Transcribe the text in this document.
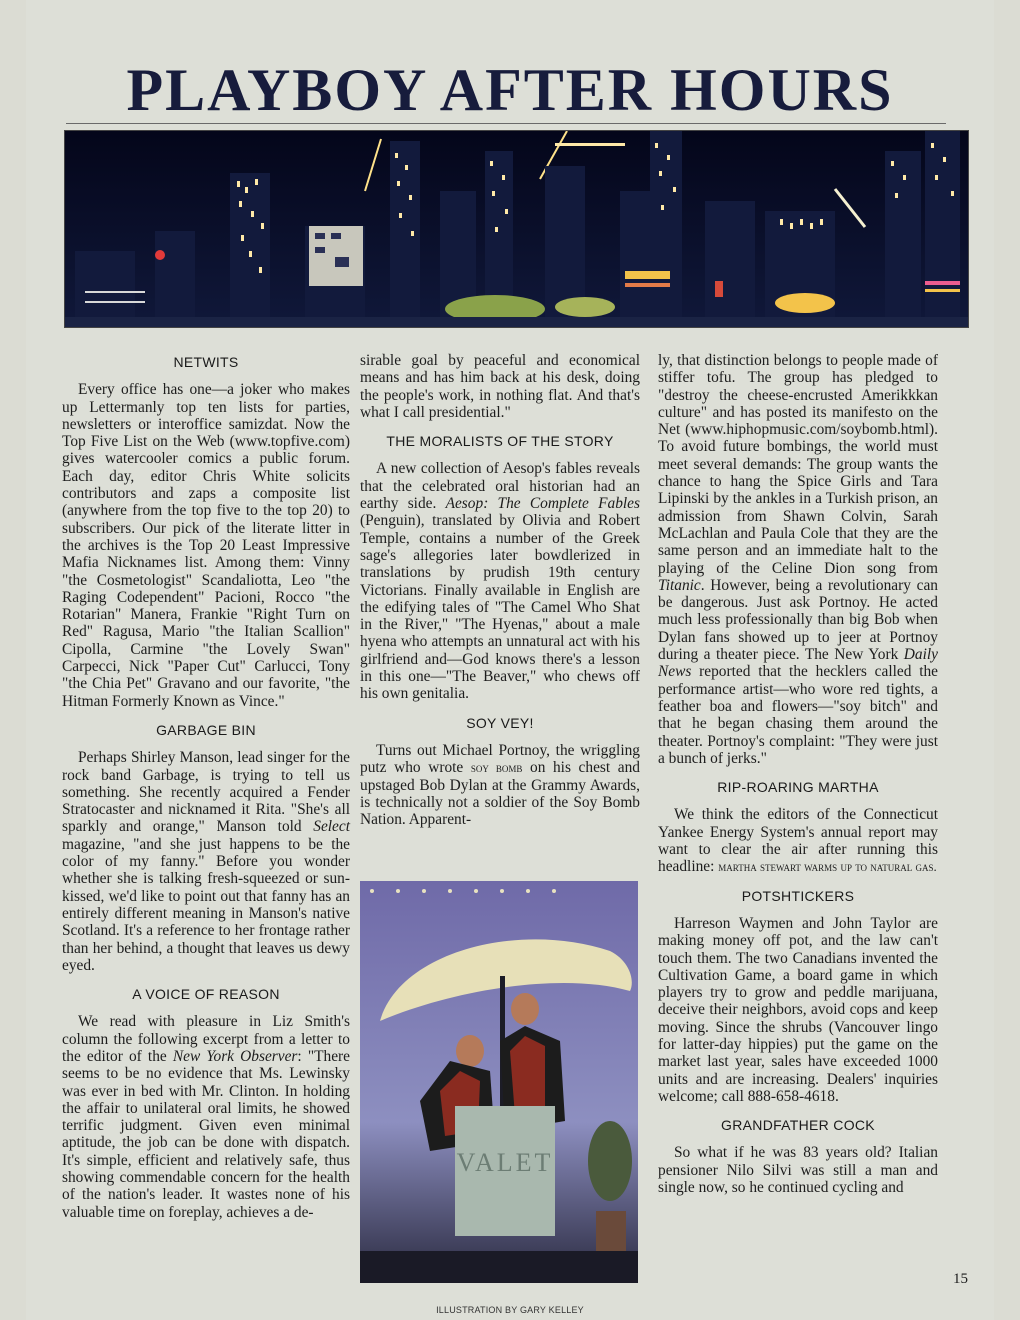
PLAYBOY AFTER HOURS
NETWITS

Every office has one—a joker who makes up Lettermanly top ten lists for parties, newsletters or interoffice samizdat. Now the Top Five List on the Web (www.topfive.com) gives watercooler comics a public forum. Each day, editor Chris White solicits contributors and zaps a composite list (anywhere from the top five to the top 20) to subscribers. Our pick of the literate litter in the archives is the Top 20 Least Impressive Mafia Nicknames list. Among them: Vinny "the Cosmetologist" Scandaliotta, Leo "the Raging Codependent" Pacioni, Rocco "the Rotarian" Manera, Frankie "Right Turn on Red" Ragusa, Mario "the Italian Scallion" Cipolla, Carmine "the Lovely Swan" Carpecci, Nick "Paper Cut" Carlucci, Tony "the Chia Pet" Gravano and our favorite, "the Hitman Formerly Known as Vince."

GARBAGE BIN

Perhaps Shirley Manson, lead singer for the rock band Garbage, is trying to tell us something. She recently acquired a Fender Stratocaster and nicknamed it Rita. "She's all sparkly and orange," Manson told Select magazine, "and she just happens to be the color of my fanny." Before you wonder whether she is talking fresh-squeezed or sun-kissed, we'd like to point out that fanny has an entirely different meaning in Manson's native Scotland. It's a reference to her frontage rather than her behind, a thought that leaves us dewy eyed.

A VOICE OF REASON

We read with pleasure in Liz Smith's column the following excerpt from a letter to the editor of the New York Observer: "There seems to be no evidence that Ms. Lewinsky was ever in bed with Mr. Clinton. In holding the affair to unilateral oral limits, he showed terrific judgment. Given even minimal aptitude, the job can be done with dispatch. It's simple, efficient and relatively safe, thus showing commendable concern for the health of the nation's leader. It wastes none of his valuable time on foreplay, achieves a de-

sirable goal by peaceful and economical means and has him back at his desk, doing the people's work, in nothing flat. And that's what I call presidential."

THE MORALISTS OF THE STORY

A new collection of Aesop's fables reveals that the celebrated oral historian had an earthy side. Aesop: The Complete Fables (Penguin), translated by Olivia and Robert Temple, contains a number of the Greek sage's allegories later bowdlerized in translations by prudish 19th century Victorians. Finally available in English are the edifying tales of "The Camel Who Shat in the River," "The Hyenas," about a male hyena who attempts an unnatural act with his girlfriend and—God knows there's a lesson in this one—"The Beaver," who chews off his own genitalia.

SOY VEY!

Turns out Michael Portnoy, the wriggling putz who wrote soy bomb on his chest and upstaged Bob Dylan at the Grammy Awards, is technically not a soldier of the Soy Bomb Nation. Apparent-

VALET

ly, that distinction belongs to people made of stiffer tofu. The group has pledged to "destroy the cheese-encrusted Amerikkkan culture" and has posted its manifesto on the Net (www.hiphopmusic.com/soybomb.html). To avoid future bombings, the world must meet several demands: The group wants the chance to hang the Spice Girls and Tara Lipinski by the ankles in a Turkish prison, an admission from Shawn Colvin, Sarah McLachlan and Paula Cole that they are the same person and an immediate halt to the playing of the Celine Dion song from Titanic. However, being a revolutionary can be dangerous. Just ask Portnoy. He acted much less professionally than big Bob when Dylan fans showed up to jeer at Portnoy during a theater piece. The New York Daily News reported that the hecklers called the performance artist—who wore red tights, a feather boa and flowers—"soy bitch" and that he began chasing them around the theater. Portnoy's complaint: "They were just a bunch of jerks."

RIP-ROARING MARTHA

We think the editors of the Connecticut Yankee Energy System's annual report may want to clear the air after running this headline: martha stewart warms up to natural gas.

POTSHTICKERS

Harreson Waymen and John Taylor are making money off pot, and the law can't touch them. The two Canadians invented the Cultivation Game, a board game in which players try to grow and peddle marijuana, deceive their neighbors, avoid cops and keep moving. Since the shrubs (Vancouver lingo for latter-day hippies) put the game on the market last year, sales have exceeded 1000 units and are increasing. Dealers' inquiries welcome; call 888-658-4618.

GRANDFATHER COCK

So what if he was 83 years old? Italian pensioner Nilo Silvi was still a man and single now, so he continued cycling and

15
ILLUSTRATION BY GARY KELLEY
